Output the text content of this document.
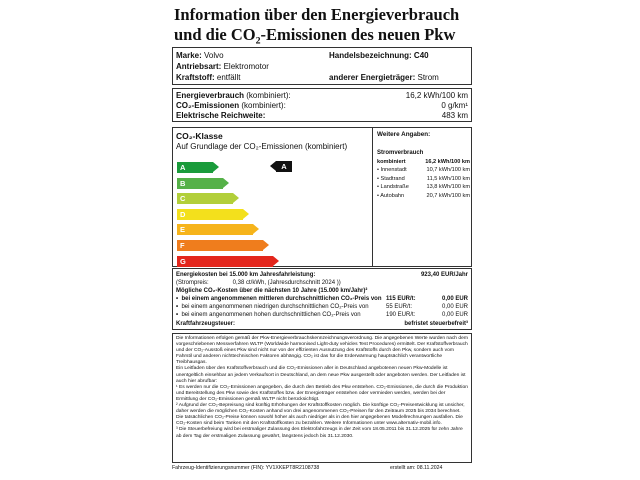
Information über den Energieverbrauch
und die CO₂-Emissionen des neuen Pkw
Marke: Volvo
Antriebsart: Elektromotor
Kraftstoff: entfällt
Handelsbezeichnung: C40
anderer Energieträger: Strom
Energieverbrauch (kombiniert):	16,2 kWh/100 km
CO₂-Emissionen (kombiniert):	0 g/km¹
Elektrische Reichweite:	483 km
CO₂-Klasse
Auf Grundlage der CO₂-Emissionen (kombiniert)
A
B
C
D
E
F
G
Weitere Angaben:
Stromverbrauch
kombiniert	16,2 kWh/100 km
• Innenstadt	10,7 kWh/100 km
• Stadtrand	11,5 kWh/100 km
• Landstraße	13,8 kWh/100 km
• Autobahn	20,7 kWh/100 km
A
Energiekosten bei 15.000 km Jahresfahrleistung:	923,40 EUR/Jahr
(Strompreis:	0,38 ct/kWh, (Jahresdurchschnitt 2024 ))
Mögliche CO₂-Kosten über die nächsten 10 Jahre (15.000 km/Jahr)²
• bei einem angenommenen mittleren durchschnittlichen CO₂-Preis von 115 EUR/t:	0,00 EUR
• bei einem angenommenen niedrigen durchschnittlichen CO₂-Preis von	55 EUR/t:	0,00 EUR
• bei einem angenommenen hohen durchschnittlichen CO₂-Preis von	190 EUR/t:	0,00 EUR
Kraftfahrzeugsteuer:	befristet steuerbefreit³

Die Informationen erfolgen gemäß der Pkw-Energieverbrauchskennzeichnungsverordnung. Die angegebenen Werte wurden nach dem vorgeschriebenen Messverfahren WLTP (Worldwide harmonised Light-duty vehicles Test Procedures) ermittelt. Der Kraftstoffverbrauch und der CO₂-Ausstoß eines Pkw sind nicht nur von der effizienten Ausnutzung des Kraftstoffs durch den Pkw, sondern auch vom Fahrstil und anderen nichttechnischen Faktoren abhängig. CO₂ ist das für die Erderwärmung hauptsächlich verantwortliche Treibhausgas.

Ein Leitfaden über den Kraftstoffverbrauch und die CO₂-Emissionen aller in Deutschland angebotenen neuen Pkw-Modelle ist unentgeltlich einsehbar an jedem Verkaufsort in Deutschland, an dem neue Pkw ausgestellt oder angeboten werden. Der Leitfaden ist auch hier abrufbar:

¹ Es werden nur die CO₂-Emissionen angegeben, die durch den Betrieb des Pkw entstehen. CO₂-Emissionen, die durch die Produktion und Bereitstellung des Pkw sowie des Kraftstoffes bzw. der Energieträger entstehen oder vermieden werden, werden bei der Ermittlung der CO₂-Emissionen gemäß WLTP nicht berücksichtigt.

² Aufgrund der CO₂-Bepreisung sind künftig Erhöhungen der Kraftstoffkosten möglich. Die künftige CO₂-Preisentwicklung ist unsicher, daher werden die möglichen CO₂-Kosten anhand von drei angenommenen CO₂-Preisen für den Zeitraum 2025 bis 2034 berechnet. Die tatsächlichen CO₂-Preise können sowohl höher als auch niedriger als in den hier angegebenen Modellrechnungen ausfallen. Die CO₂-Kosten sind beim Tanken mit den Kraftstoffkosten zu bezahlen. Weitere Informationen unter www.alternativ-mobil.info.

³ Die Steuerbefreiung wird bei erstmaliger Zulassung des Elektrofahrzeugs in der Zeit vom 18.05.2011 bis 31.12.2025 für zehn Jahre ab dem Tag der erstmaligen Zulassung gewährt, längstens jedoch bis 31.12.2030.

Fahrzeug-Identifizierungsnummer (FIN): YV1XKEPT8R2108738	erstellt am: 08.11.2024
